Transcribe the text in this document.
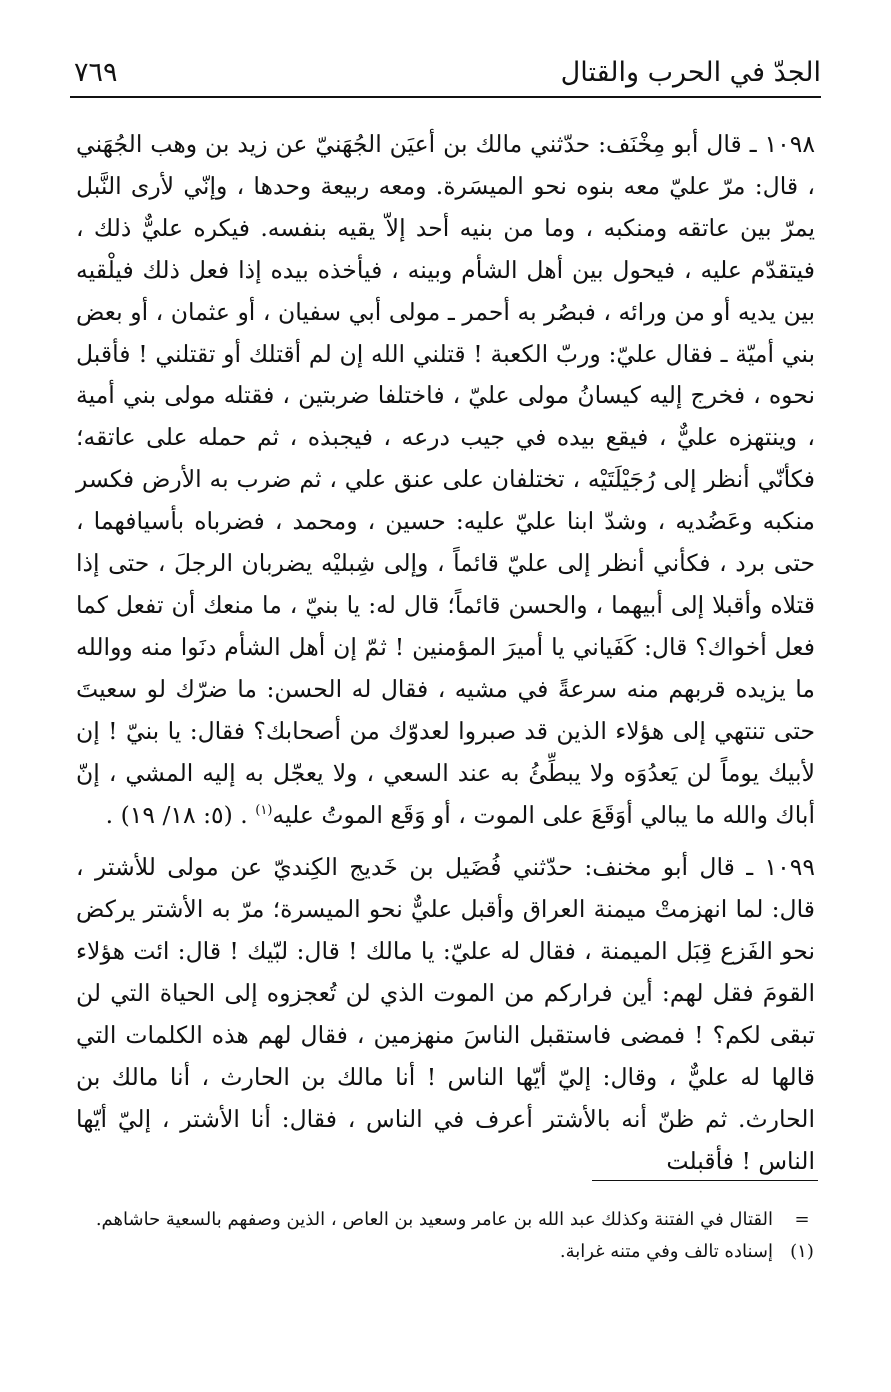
الجدّ في الحرب والقتال
٧٦٩

١٠٩٨ ـ قال أبو مِخْنَف: حدّثني مالك بن أعيَن الجُهَنيّ عن زيد بن وهب الجُهَني ، قال: مرّ عليّ معه بنوه نحو الميسَرة. ومعه ربيعة وحدها ، وإنّي لأرى النَّبل يمرّ بين عاتقه ومنكبه ، وما من بنيه أحد إلاّ يقيه بنفسه. فيكره عليٌّ ذلك ، فيتقدّم عليه ، فيحول بين أهل الشأم وبينه ، فيأخذه بيده إذا فعل ذلك فيلْقيه بين يديه أو من ورائه ، فبصُر به أحمر ـ مولى أبي سفيان ، أو عثمان ، أو بعض بني أميّة ـ فقال عليّ: وربّ الكعبة ! قتلني الله إن لم أقتلك أو تقتلني ! فأقبل نحوه ، فخرج إليه كيسانُ مولى عليّ ، فاختلفا ضربتين ، فقتله مولى بني أمية ، وينتهزه عليٌّ ، فيقع بيده في جيب درعه ، فيجبذه ، ثم حمله على عاتقه؛ فكأنّي أنظر إلى رُجَيْلَتَيْه ، تختلفان على عنق علي ، ثم ضرب به الأرض فكسر منكبه وعَضُديه ، وشدّ ابنا عليّ عليه: حسين ، ومحمد ، فضرباه بأسيافهما ، حتى برد ، فكأني أنظر إلى عليّ قائماً ، وإلى شِبليْه يضربان الرجلَ ، حتى إذا قتلاه وأقبلا إلى أبيهما ، والحسن قائماً؛ قال له: يا بنيّ ، ما منعك أن تفعل كما فعل أخواك؟ قال: كَفَياني يا أميرَ المؤمنين ! ثمّ إن أهل الشأم دنَوا منه ووالله ما يزيده قربهم منه سرعةً في مشيه ، فقال له الحسن: ما ضرّك لو سعيتَ حتى تنتهي إلى هؤلاء الذين قد صبروا لعدوّك من أصحابك؟ فقال: يا بنيّ ! إن لأبيك يوماً لن يَعدُوَه ولا يبطِّئُ به عند السعي ، ولا يعجّل به إليه المشي ، إنّ أباك والله ما يبالي أوَقَعَ على الموت ، أو وَقَع الموتُ عليه$^{(١)}$ . (٥: ١٨/ ١٩) .

١٠٩٩ ـ قال أبو مخنف: حدّثني فُضَيل بن خَديج الكِنديّ عن مولى للأشتر ، قال: لما انهزمتْ ميمنة العراق وأقبل عليٌّ نحو الميسرة؛ مرّ به الأشتر يركض نحو الفَزع قِبَل الميمنة ، فقال له عليّ: يا مالك ! قال: لبّيك ! قال: ائت هؤلاء القومَ فقل لهم: أين فراركم من الموت الذي لن تُعجزوه إلى الحياة التي لن تبقى لكم؟ ! فمضى فاستقبل الناسَ منهزمين ، فقال لهم هذه الكلمات التي قالها له عليٌّ ، وقال: إليّ أيّها الناس ! أنا مالك بن الحارث ، أنا مالك بن الحارث. ثم ظنّ أنه بالأشتر أعرف في الناس ، فقال: أنا الأشتر ، إليّ أيّها الناس ! فأقبلت

=
القتال في الفتنة وكذلك عبد الله بن عامر وسعيد بن العاص ، الذين وصفهم بالسعية حاشاهم.
(١)
إسناده تالف وفي متنه غرابة.
